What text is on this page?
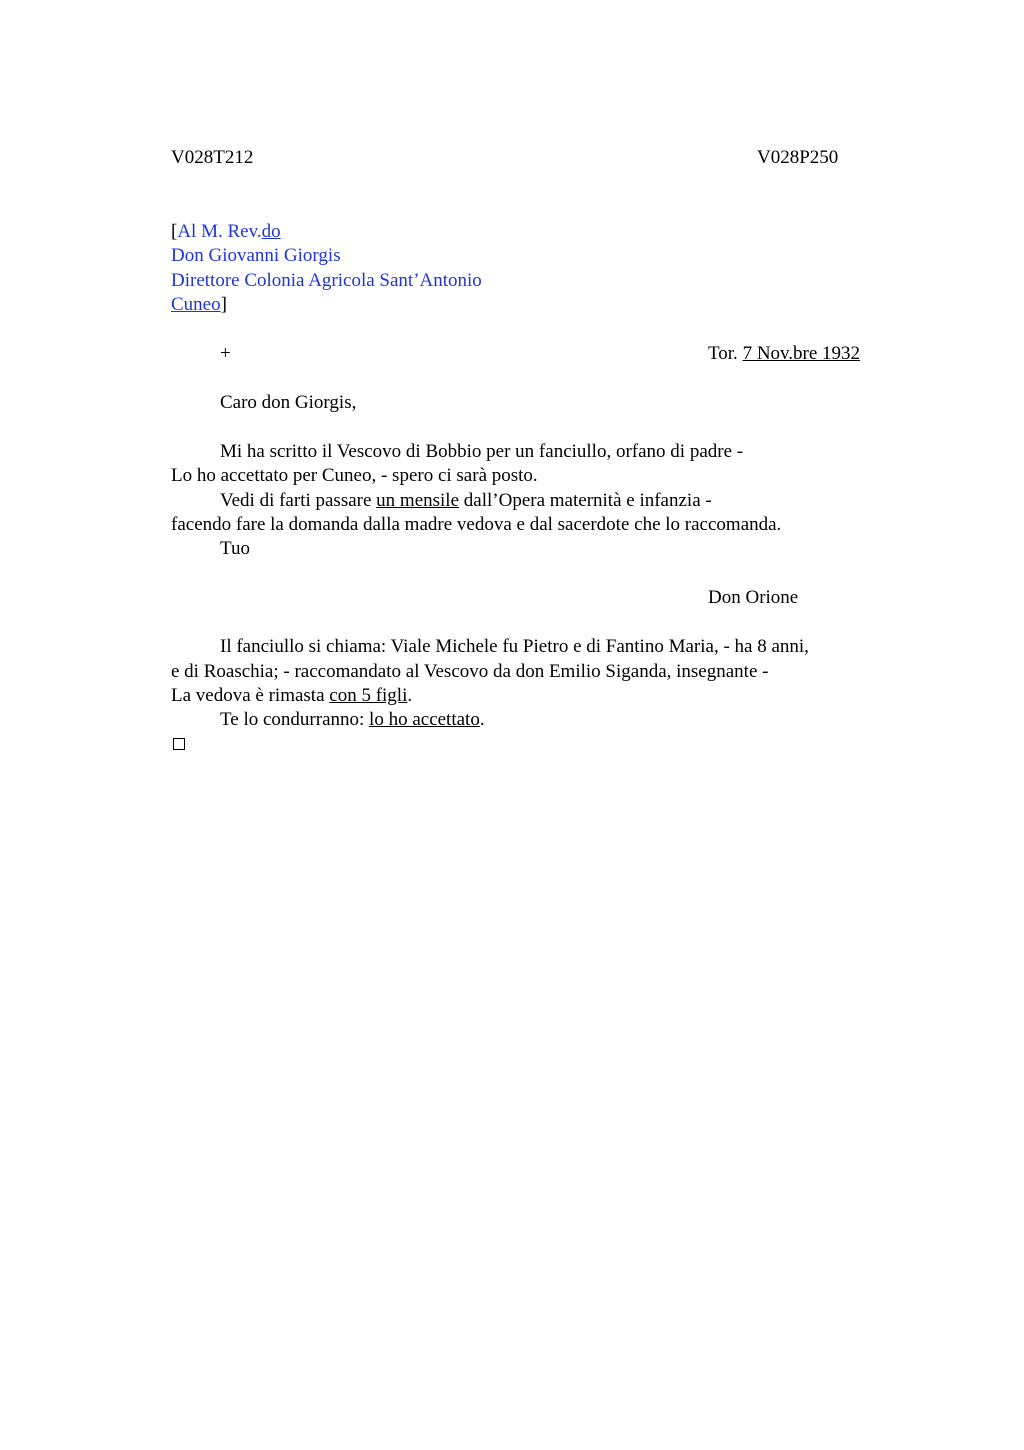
V028T212	V028P250
[Al M. Rev.do
Don Giovanni Giorgis
Direttore Colonia Agricola Sant’Antonio
Cuneo]
+	Tor. 7 Nov.bre 1932
Caro don Giorgis,
Mi ha scritto il Vescovo di Bobbio per un fanciullo, orfano di padre -
Lo ho accettato per Cuneo, - spero ci sarà posto.
Vedi di farti passare un mensile dall’Opera maternità e infanzia -
facendo fare la domanda dalla madre vedova e dal sacerdote che lo raccomanda.
Tuo
Don Orione
Il fanciullo si chiama: Viale Michele fu Pietro e di Fantino Maria, - ha 8 anni,
e di Roaschia; - raccomandato al Vescovo da don Emilio Siganda, insegnante -
La vedova è rimasta con 5 figli.
Te lo condurranno: lo ho accettato.
